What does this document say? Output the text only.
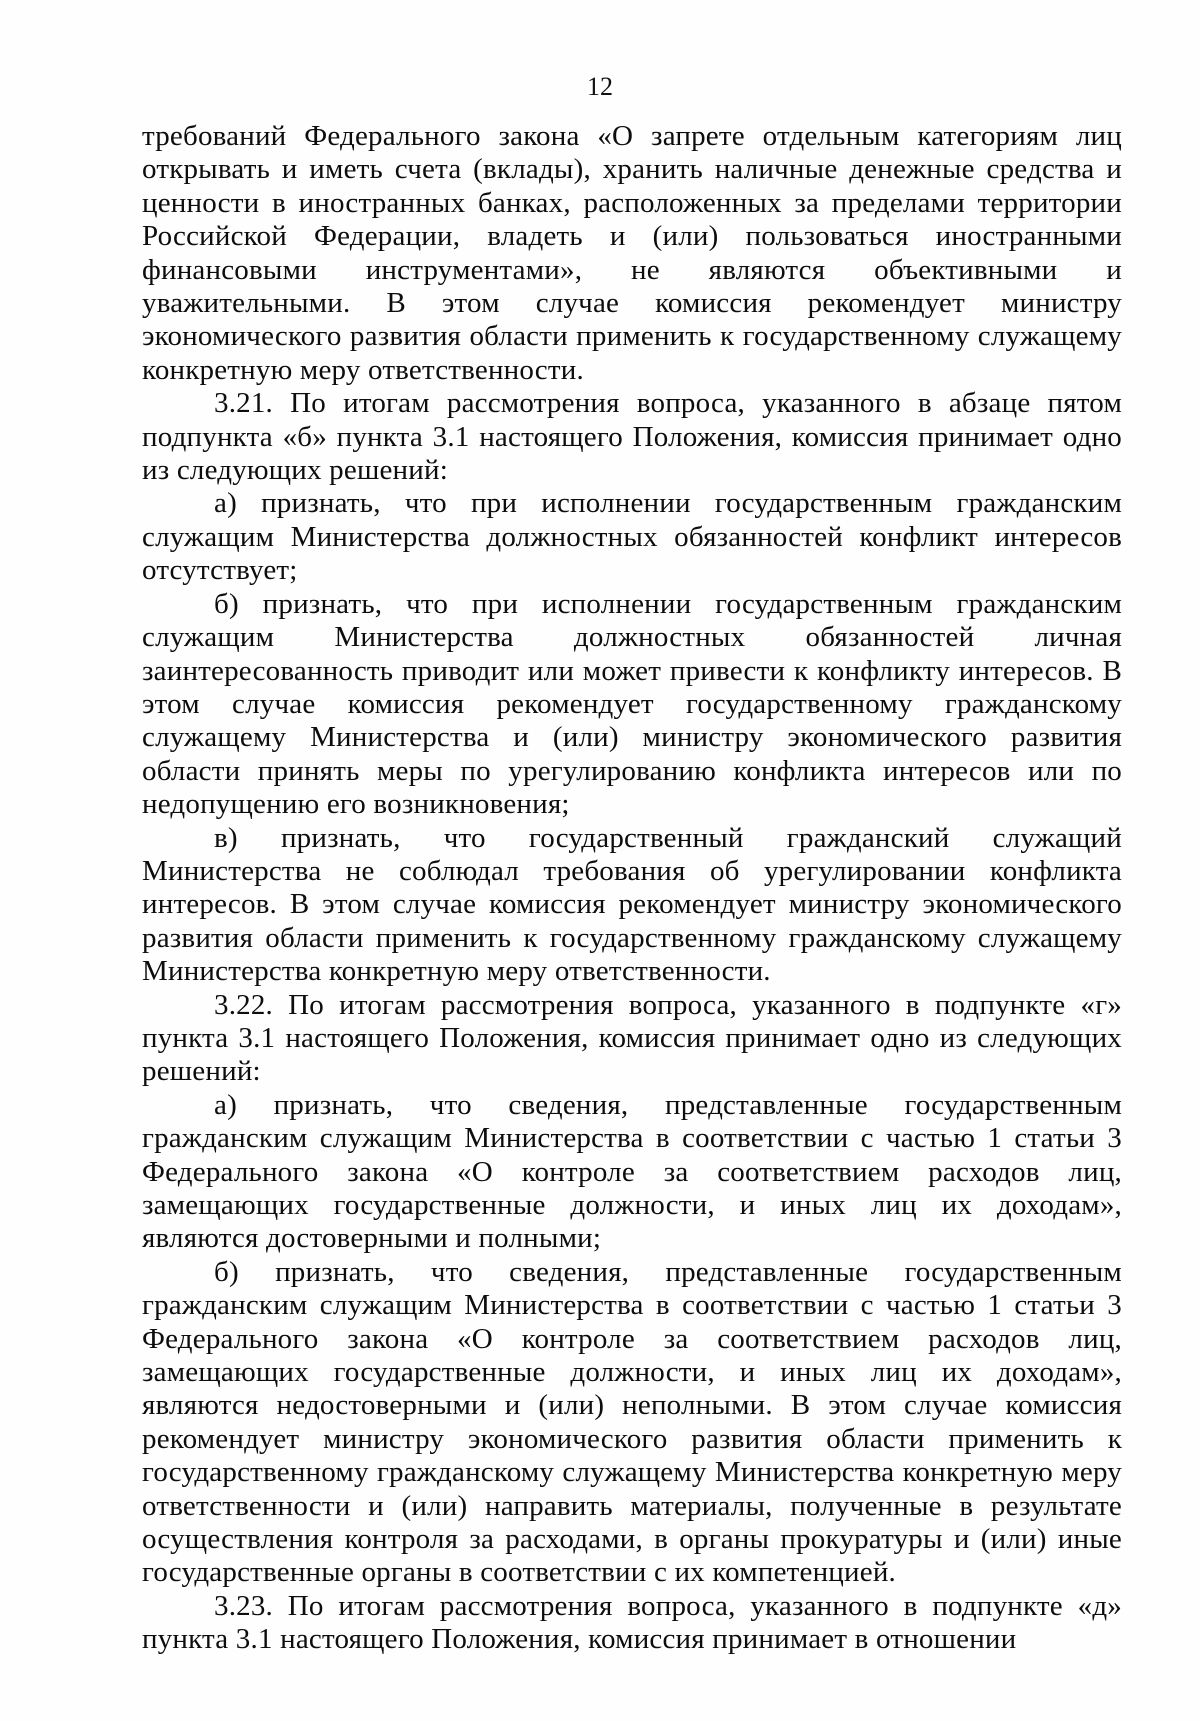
12

требований Федерального закона «О запрете отдельным категориям лиц открывать и иметь счета (вклады), хранить наличные денежные средства и ценности в иностранных банках, расположенных за пределами территории Российской Федерации, владеть и (или) пользоваться иностранными финансовыми инструментами», не являются объективными и уважительными. В этом случае комиссия рекомендует министру экономического развития области применить к государственному служащему конкретную меру ответственности.

3.21. По итогам рассмотрения вопроса, указанного в абзаце пятом подпункта «б» пункта 3.1 настоящего Положения, комиссия принимает одно из следующих решений:

а) признать, что при исполнении государственным гражданским служащим Министерства должностных обязанностей конфликт интересов отсутствует;

б) признать, что при исполнении государственным гражданским служащим Министерства должностных обязанностей личная заинтересованность приводит или может привести к конфликту интересов. В этом случае комиссия рекомендует государственному гражданскому служащему Министерства и (или) министру экономического развития области принять меры по урегулированию конфликта интересов или по недопущению его возникновения;

в) признать, что государственный гражданский служащий Министерства не соблюдал требования об урегулировании конфликта интересов. В этом случае комиссия рекомендует министру экономического развития области применить к государственному гражданскому служащему Министерства конкретную меру ответственности.

3.22. По итогам рассмотрения вопроса, указанного в подпункте «г» пункта 3.1 настоящего Положения, комиссия принимает одно из следующих решений:

а) признать, что сведения, представленные государственным гражданским служащим Министерства в соответствии с частью 1 статьи 3 Федерального закона «О контроле за соответствием расходов лиц, замещающих государственные должности, и иных лиц их доходам», являются достоверными и полными;

б) признать, что сведения, представленные государственным гражданским служащим Министерства в соответствии с частью 1 статьи 3 Федерального закона «О контроле за соответствием расходов лиц, замещающих государственные должности, и иных лиц их доходам», являются недостоверными и (или) неполными. В этом случае комиссия рекомендует министру экономического развития области применить к государственному гражданскому служащему Министерства конкретную меру ответственности и (или) направить материалы, полученные в результате осуществления контроля за расходами, в органы прокуратуры и (или) иные государственные органы в соответствии с их компетенцией.

3.23. По итогам рассмотрения вопроса, указанного в подпункте «д» пункта 3.1 настоящего Положения, комиссия принимает в отношении
